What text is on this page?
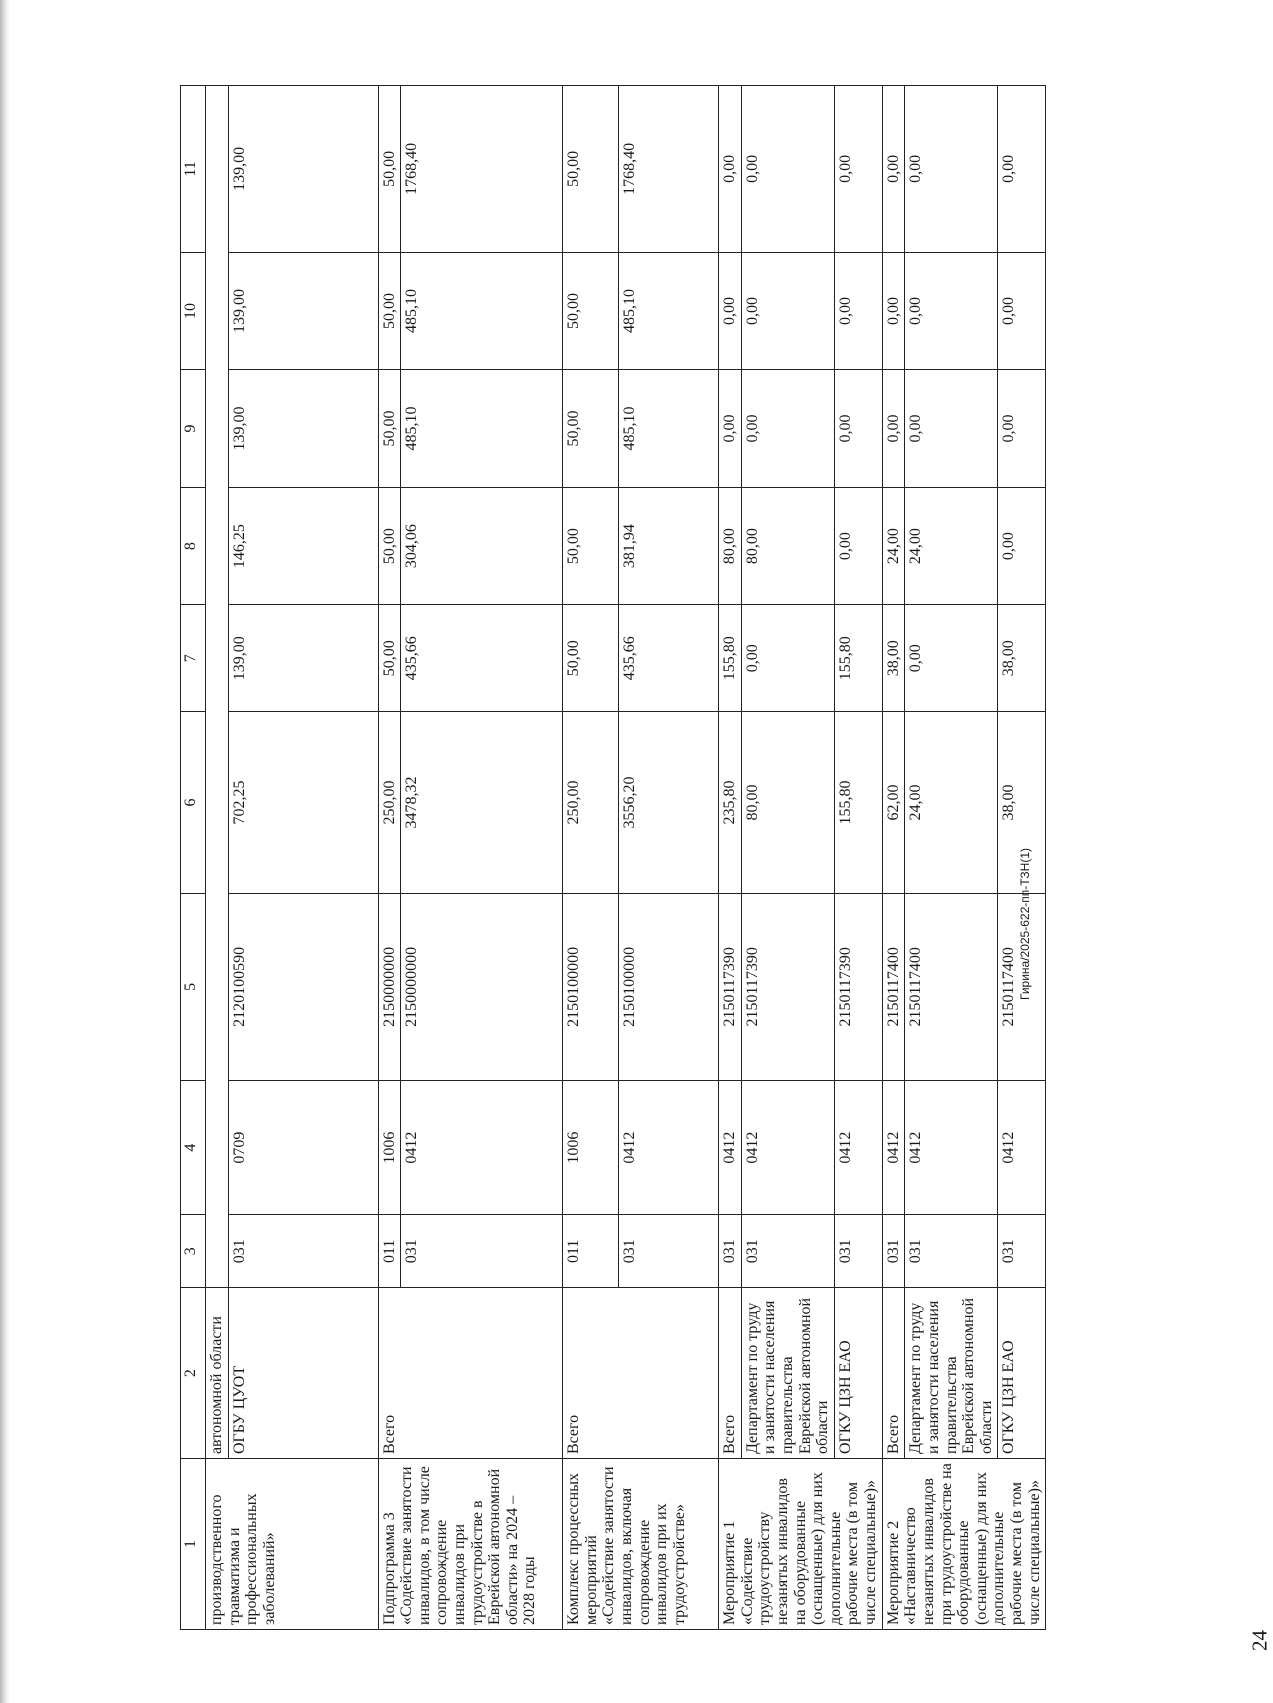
24
Гирина/2025-622-пп-ТЗН(1)
1	2	3	4	5	6	7	8	9	10	11
производственного травматизма и профессиональных заболеваний»	автономной области									
	ОГБУ ЦУОТ	031	0709	2120100590	702,25	139,00	146,25	139,00	139,00	139,00
Подпрограмма 3 «Содействие занятости инвалидов, в том числе сопровождение инвалидов при трудоустройстве в Еврейской автономной области» на 2024 – 2028 годы	Всего	011	1006	2150000000	250,00	50,00	50,00	50,00	50,00	50,00
		031	0412	2150000000	3478,32	435,66	304,06	485,10	485,10	1768,40
Комплекс процессных мероприятий «Содействие занятости инвалидов, включая сопровождение инвалидов при их трудоустройстве»	Всего	011	1006	2150100000	250,00	50,00	50,00	50,00	50,00	50,00
		031	0412	2150100000	3556,20	435,66	381,94	485,10	485,10	1768,40
Мероприятие 1 «Содействие трудоустройству незанятых инвалидов на оборудованные (оснащенные) для них дополнительные рабочие места (в том числе специальные)»	Всего	031	0412	2150117390	235,80	155,80	80,00	0,00	0,00	0,00
	Департамент по труду и занятости населения правительства Еврейской автономной области	031	0412	2150117390	80,00	0,00	80,00	0,00	0,00	0,00
	ОГКУ ЦЗН ЕАО	031	0412	2150117390	155,80	155,80	0,00	0,00	0,00	0,00
Мероприятие 2 «Наставничество незанятых инвалидов при трудоустройстве на оборудованные (оснащенные) для них дополнительные рабочие места (в том числе специальные)»	Всего	031	0412	2150117400	62,00	38,00	24,00	0,00	0,00	0,00
	Департамент по труду и занятости населения правительства Еврейской автономной области	031	0412	2150117400	24,00	0,00	24,00	0,00	0,00	0,00
	ОГКУ ЦЗН ЕАО	031	0412	2150117400	38,00	38,00	0,00	0,00	0,00	0,00
